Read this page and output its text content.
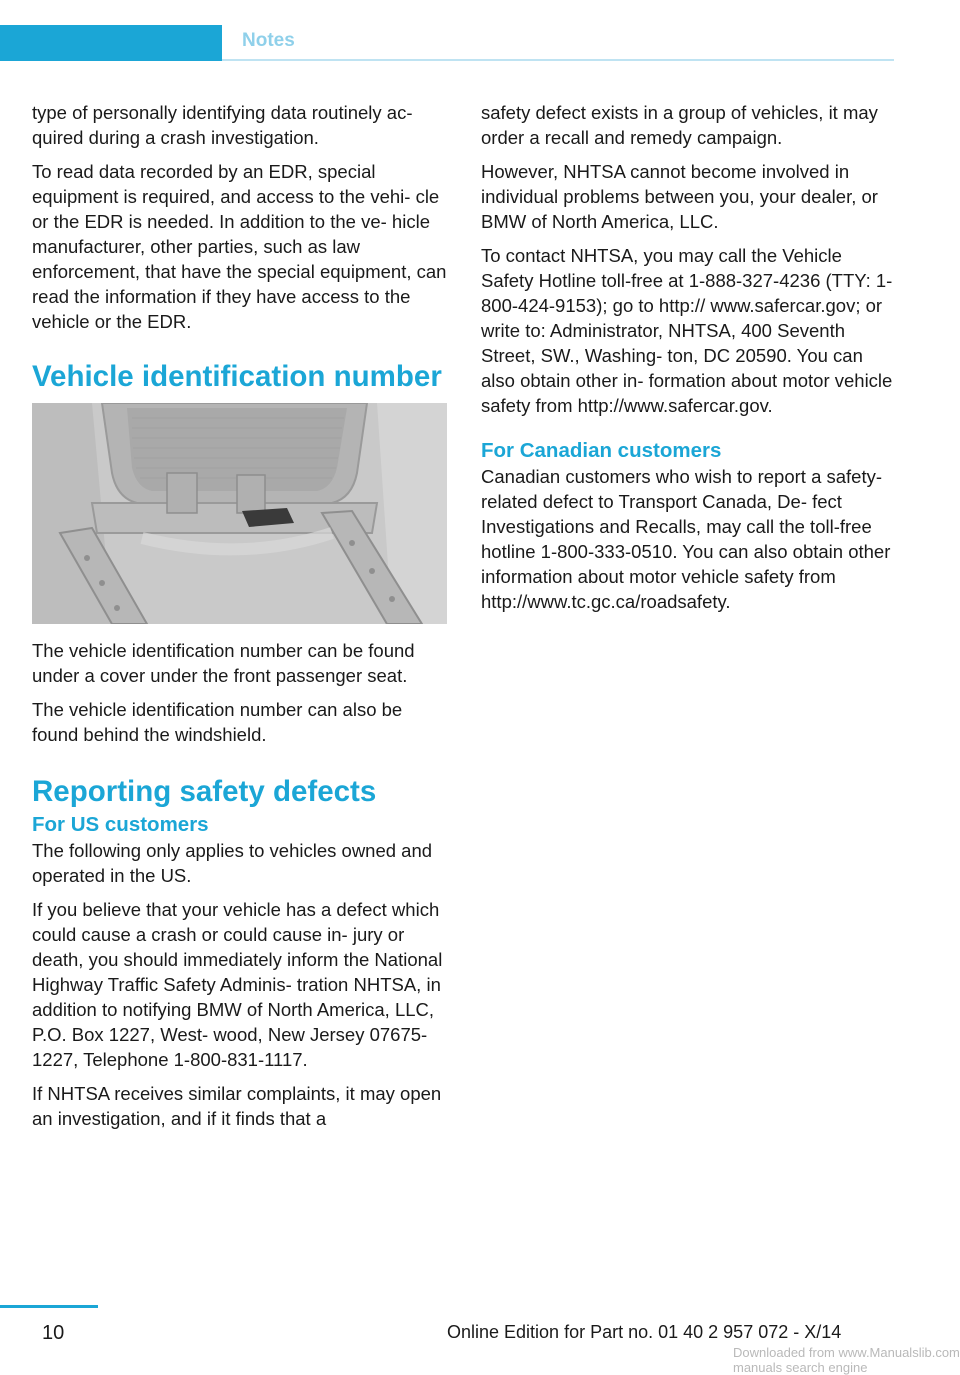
Notes

type of personally identifying data routinely ac‐ quired during a crash investigation.

To read data recorded by an EDR, special equipment is required, and access to the vehi‐ cle or the EDR is needed. In addition to the ve‐ hicle manufacturer, other parties, such as law enforcement, that have the special equipment, can read the information if they have access to the vehicle or the EDR.

Vehicle identification number

The vehicle identification number can be found under a cover under the front passenger seat.

The vehicle identification number can also be found behind the windshield.

Reporting safety defects
For US customers

The following only applies to vehicles owned and operated in the US.

If you believe that your vehicle has a defect which could cause a crash or could cause in‐ jury or death, you should immediately inform the National Highway Traffic Safety Adminis‐ tration NHTSA, in addition to notifying BMW of North America, LLC, P.O. Box 1227, West‐ wood, New Jersey 07675-1227, Telephone 1-800-831-1117.

If NHTSA receives similar complaints, it may open an investigation, and if it finds that a

safety defect exists in a group of vehicles, it may order a recall and remedy campaign.

However, NHTSA cannot become involved in individual problems between you, your dealer, or BMW of North America, LLC.

To contact NHTSA, you may call the Vehicle Safety Hotline toll-free at 1-888-327-4236 (TTY: 1-800-424-9153); go to http:// www.safercar.gov; or write to: Administrator, NHTSA, 400 Seventh Street, SW., Washing‐ ton, DC 20590. You can also obtain other in‐ formation about motor vehicle safety from http://www.safercar.gov.

For Canadian customers

Canadian customers who wish to report a safety-related defect to Transport Canada, De‐ fect Investigations and Recalls, may call the toll-free hotline 1-800-333-0510. You can also obtain other information about motor vehicle safety from http://www.tc.gc.ca/roadsafety.

10	Online Edition for Part no. 01 40 2 957 072 - X/14
Downloaded from www.Manualslib.com manuals search engine
